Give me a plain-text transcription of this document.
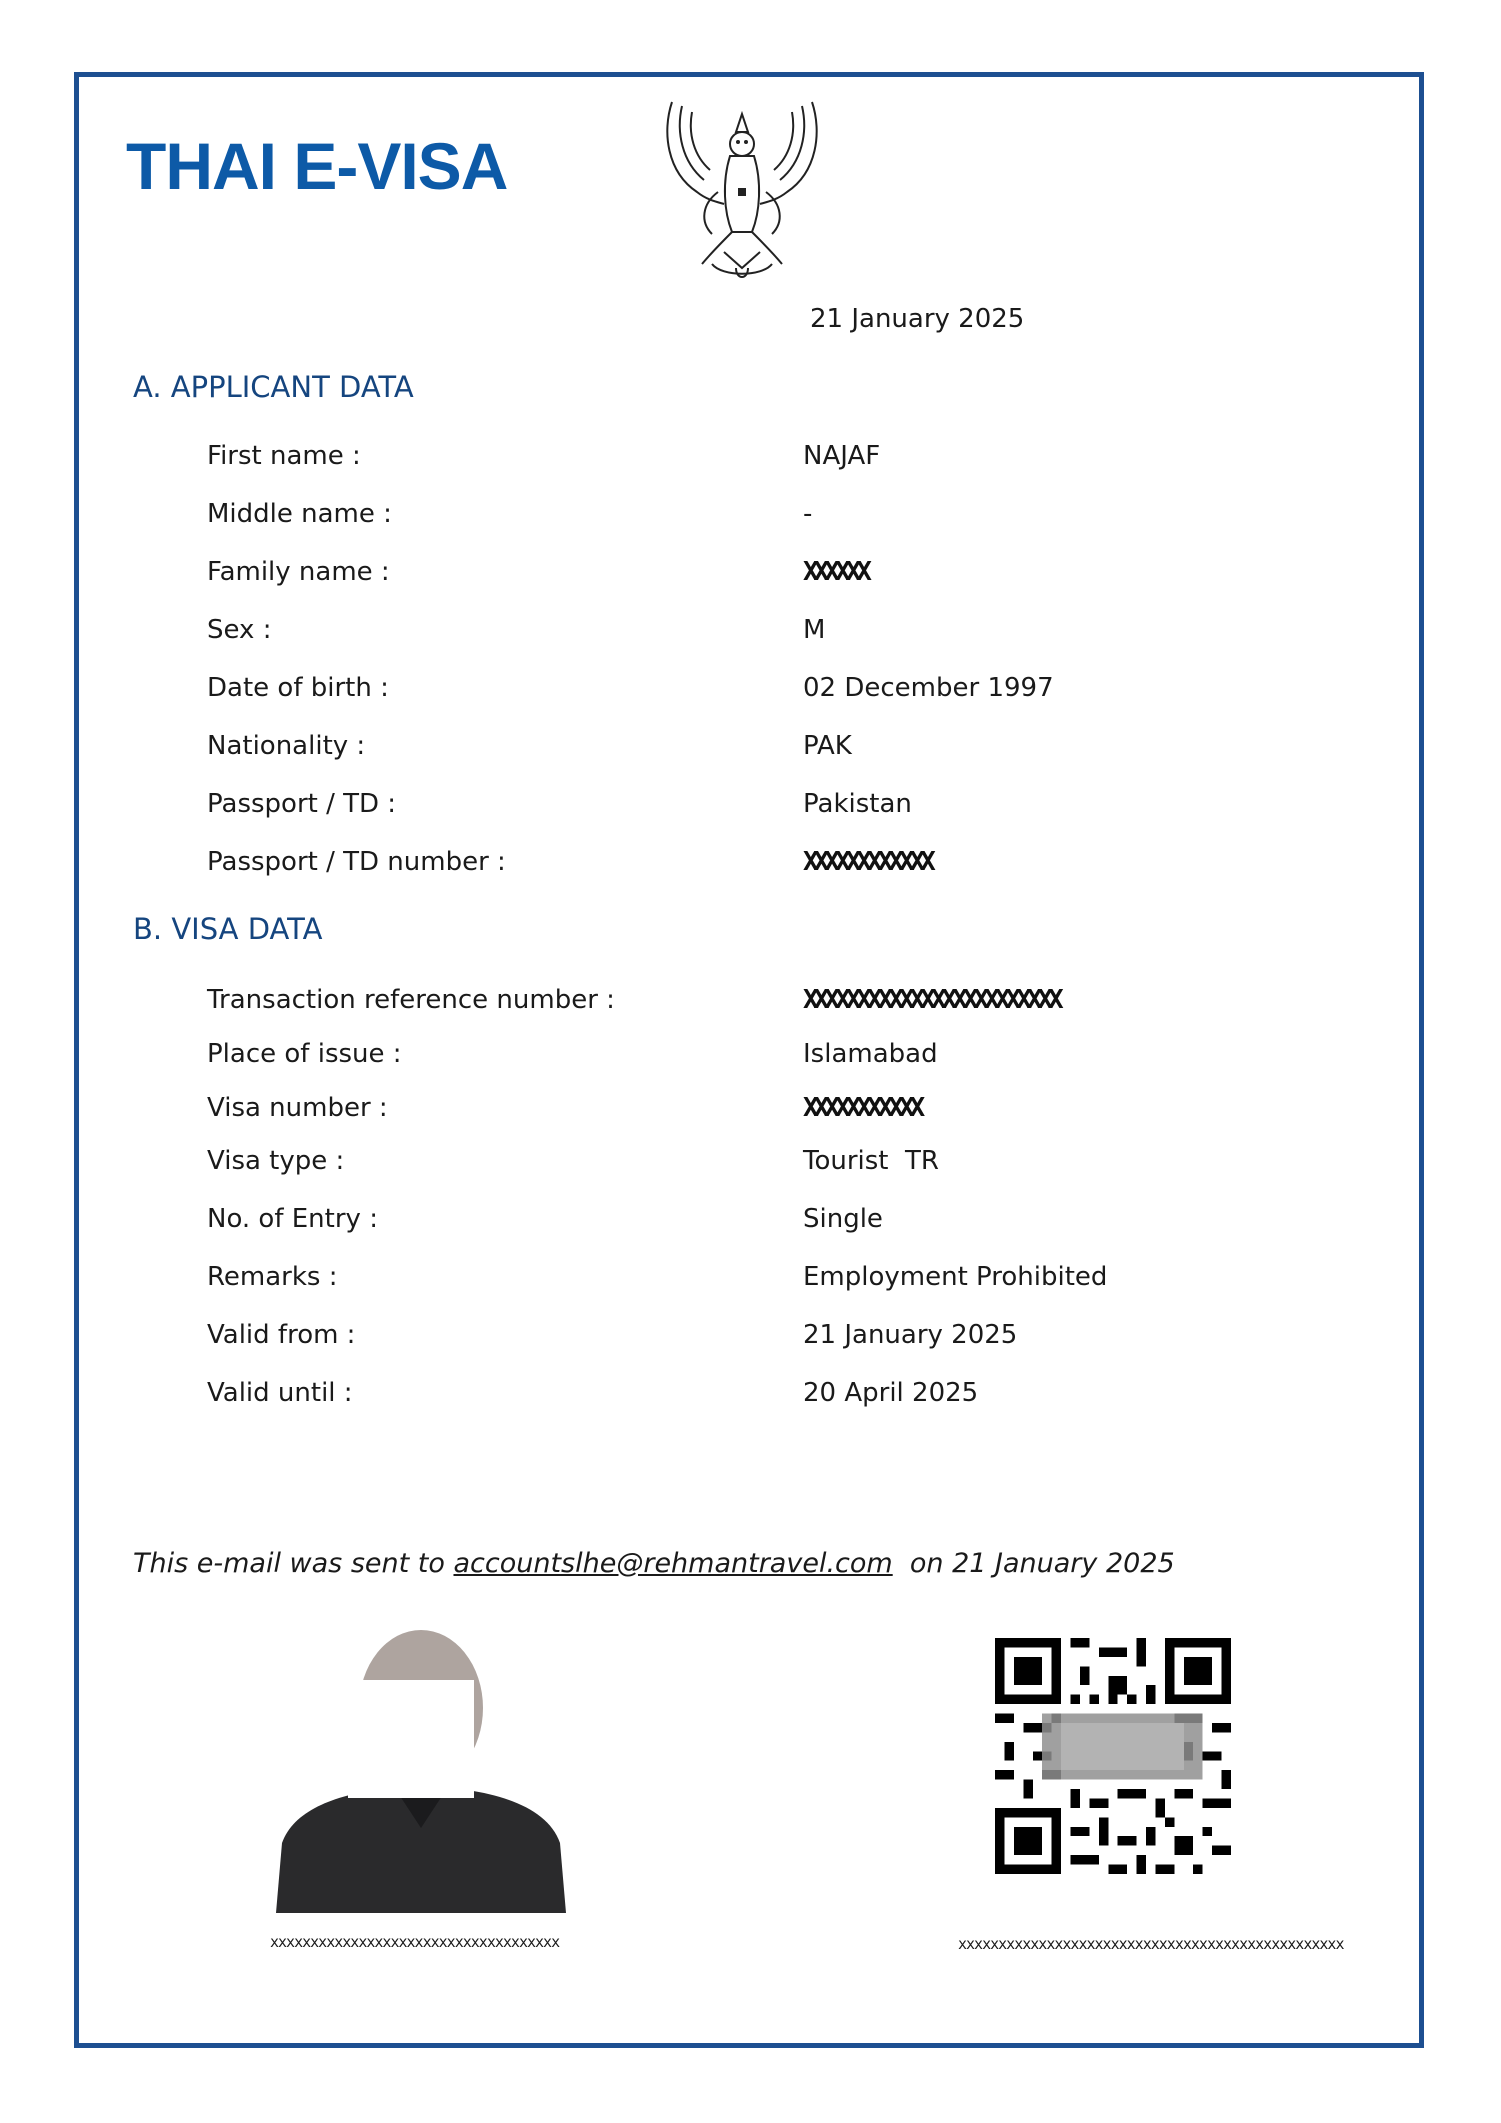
THAI E-VISA
21 January 2025
A. APPLICANT DATA
First name :	NAJAF
Middle name :	-
Family name :	XXXXXX
Sex :	M
Date of birth :	02 December 1997
Nationality :	PAK
Passport / TD :	Pakistan
Passport / TD number :	XXXXXXXXXXXX
B. VISA DATA
Transaction reference number :	XXXXXXXXXXXXXXXXXXXXXXXX
Place of issue :	Islamabad
Visa number :	XXXXXXXXXXX
Visa type :	Tourist  TR
No. of Entry :	Single
Remarks :	Employment Prohibited
Valid from :	21 January 2025
Valid until :	20 April 2025
This e-mail was sent to accountslhe@rehmantravel.com on 21 January 2025
xxxxxxxxxxxxxxxxxxxxxxxxxxxxxxxxxxxx	xxxxxxxxxxxxxxxxxxxxxxxxxxxxxxxxxxxxxxxxxxxxxxxx
